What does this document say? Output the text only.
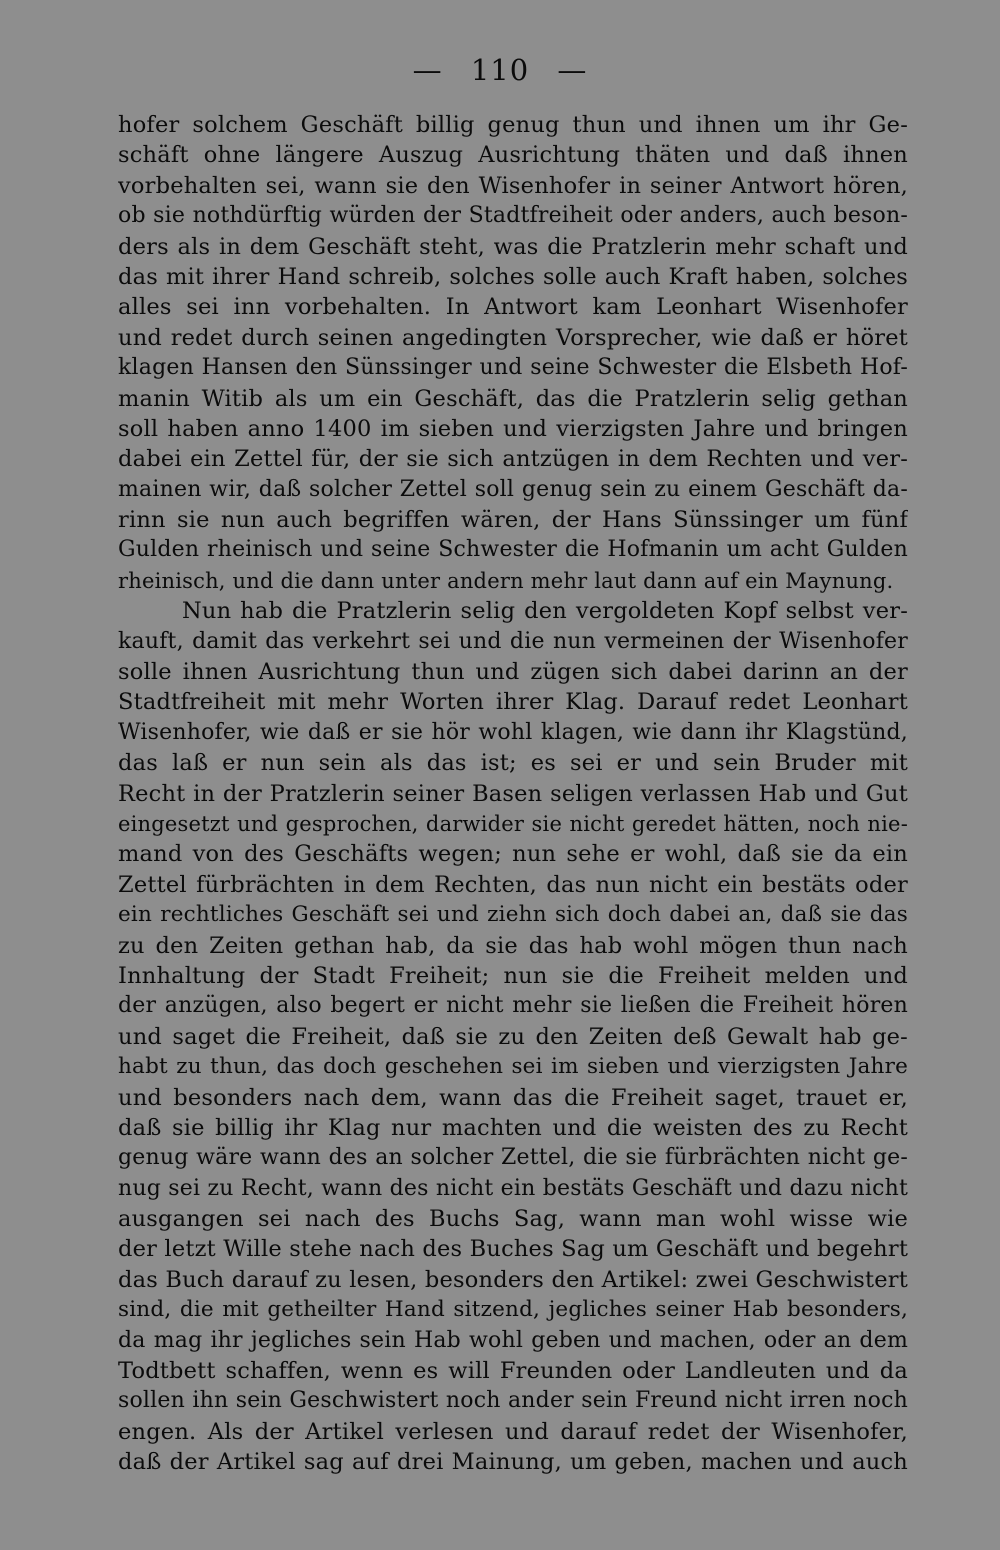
— 110 —
hofer solchem Geschäft billig genug thun und ihnen um ihr Ge-
schäft ohne längere Auszug Ausrichtung thäten und daß ihnen
vorbehalten sei, wann sie den Wisenhofer in seiner Antwort hören,
ob sie nothdürftig würden der Stadtfreiheit oder anders, auch beson-
ders als in dem Geschäft steht, was die Pratzlerin mehr schaft und
das mit ihrer Hand schreib, solches solle auch Kraft haben, solches
alles sei inn vorbehalten. In Antwort kam Leonhart Wisenhofer
und redet durch seinen angedingten Vorsprecher, wie daß er höret
klagen Hansen den Sünssinger und seine Schwester die Elsbeth Hof-
manin Witib als um ein Geschäft, das die Pratzlerin selig gethan
soll haben anno 1400 im sieben und vierzigsten Jahre und bringen
dabei ein Zettel für, der sie sich antzügen in dem Rechten und ver-
mainen wir, daß solcher Zettel soll genug sein zu einem Geschäft da-
rinn sie nun auch begriffen wären, der Hans Sünssinger um fünf
Gulden rheinisch und seine Schwester die Hofmanin um acht Gulden
rheinisch, und die dann unter andern mehr laut dann auf ein Maynung.
Nun hab die Pratzlerin selig den vergoldeten Kopf selbst ver-
kauft, damit das verkehrt sei und die nun vermeinen der Wisenhofer
solle ihnen Ausrichtung thun und zügen sich dabei darinn an der
Stadtfreiheit mit mehr Worten ihrer Klag. Darauf redet Leonhart
Wisenhofer, wie daß er sie hör wohl klagen, wie dann ihr Klagstünd,
das laß er nun sein als das ist; es sei er und sein Bruder mit
Recht in der Pratzlerin seiner Basen seligen verlassen Hab und Gut
eingesetzt und gesprochen, darwider sie nicht geredet hätten, noch nie-
mand von des Geschäfts wegen; nun sehe er wohl, daß sie da ein
Zettel fürbrächten in dem Rechten, das nun nicht ein bestäts oder
ein rechtliches Geschäft sei und ziehn sich doch dabei an, daß sie das
zu den Zeiten gethan hab, da sie das hab wohl mögen thun nach
Innhaltung der Stadt Freiheit; nun sie die Freiheit melden und
der anzügen, also begert er nicht mehr sie ließen die Freiheit hören
und saget die Freiheit, daß sie zu den Zeiten deß Gewalt hab ge-
habt zu thun, das doch geschehen sei im sieben und vierzigsten Jahre
und besonders nach dem, wann das die Freiheit saget, trauet er,
daß sie billig ihr Klag nur machten und die weisten des zu Recht
genug wäre wann des an solcher Zettel, die sie fürbrächten nicht ge-
nug sei zu Recht, wann des nicht ein bestäts Geschäft und dazu nicht
ausgangen sei nach des Buchs Sag, wann man wohl wisse wie
der letzt Wille stehe nach des Buches Sag um Geschäft und begehrt
das Buch darauf zu lesen, besonders den Artikel: zwei Geschwistert
sind, die mit getheilter Hand sitzend, jegliches seiner Hab besonders,
da mag ihr jegliches sein Hab wohl geben und machen, oder an dem
Todtbett schaffen, wenn es will Freunden oder Landleuten und da
sollen ihn sein Geschwistert noch ander sein Freund nicht irren noch
engen. Als der Artikel verlesen und darauf redet der Wisenhofer,
daß der Artikel sag auf drei Mainung, um geben, machen und auch
